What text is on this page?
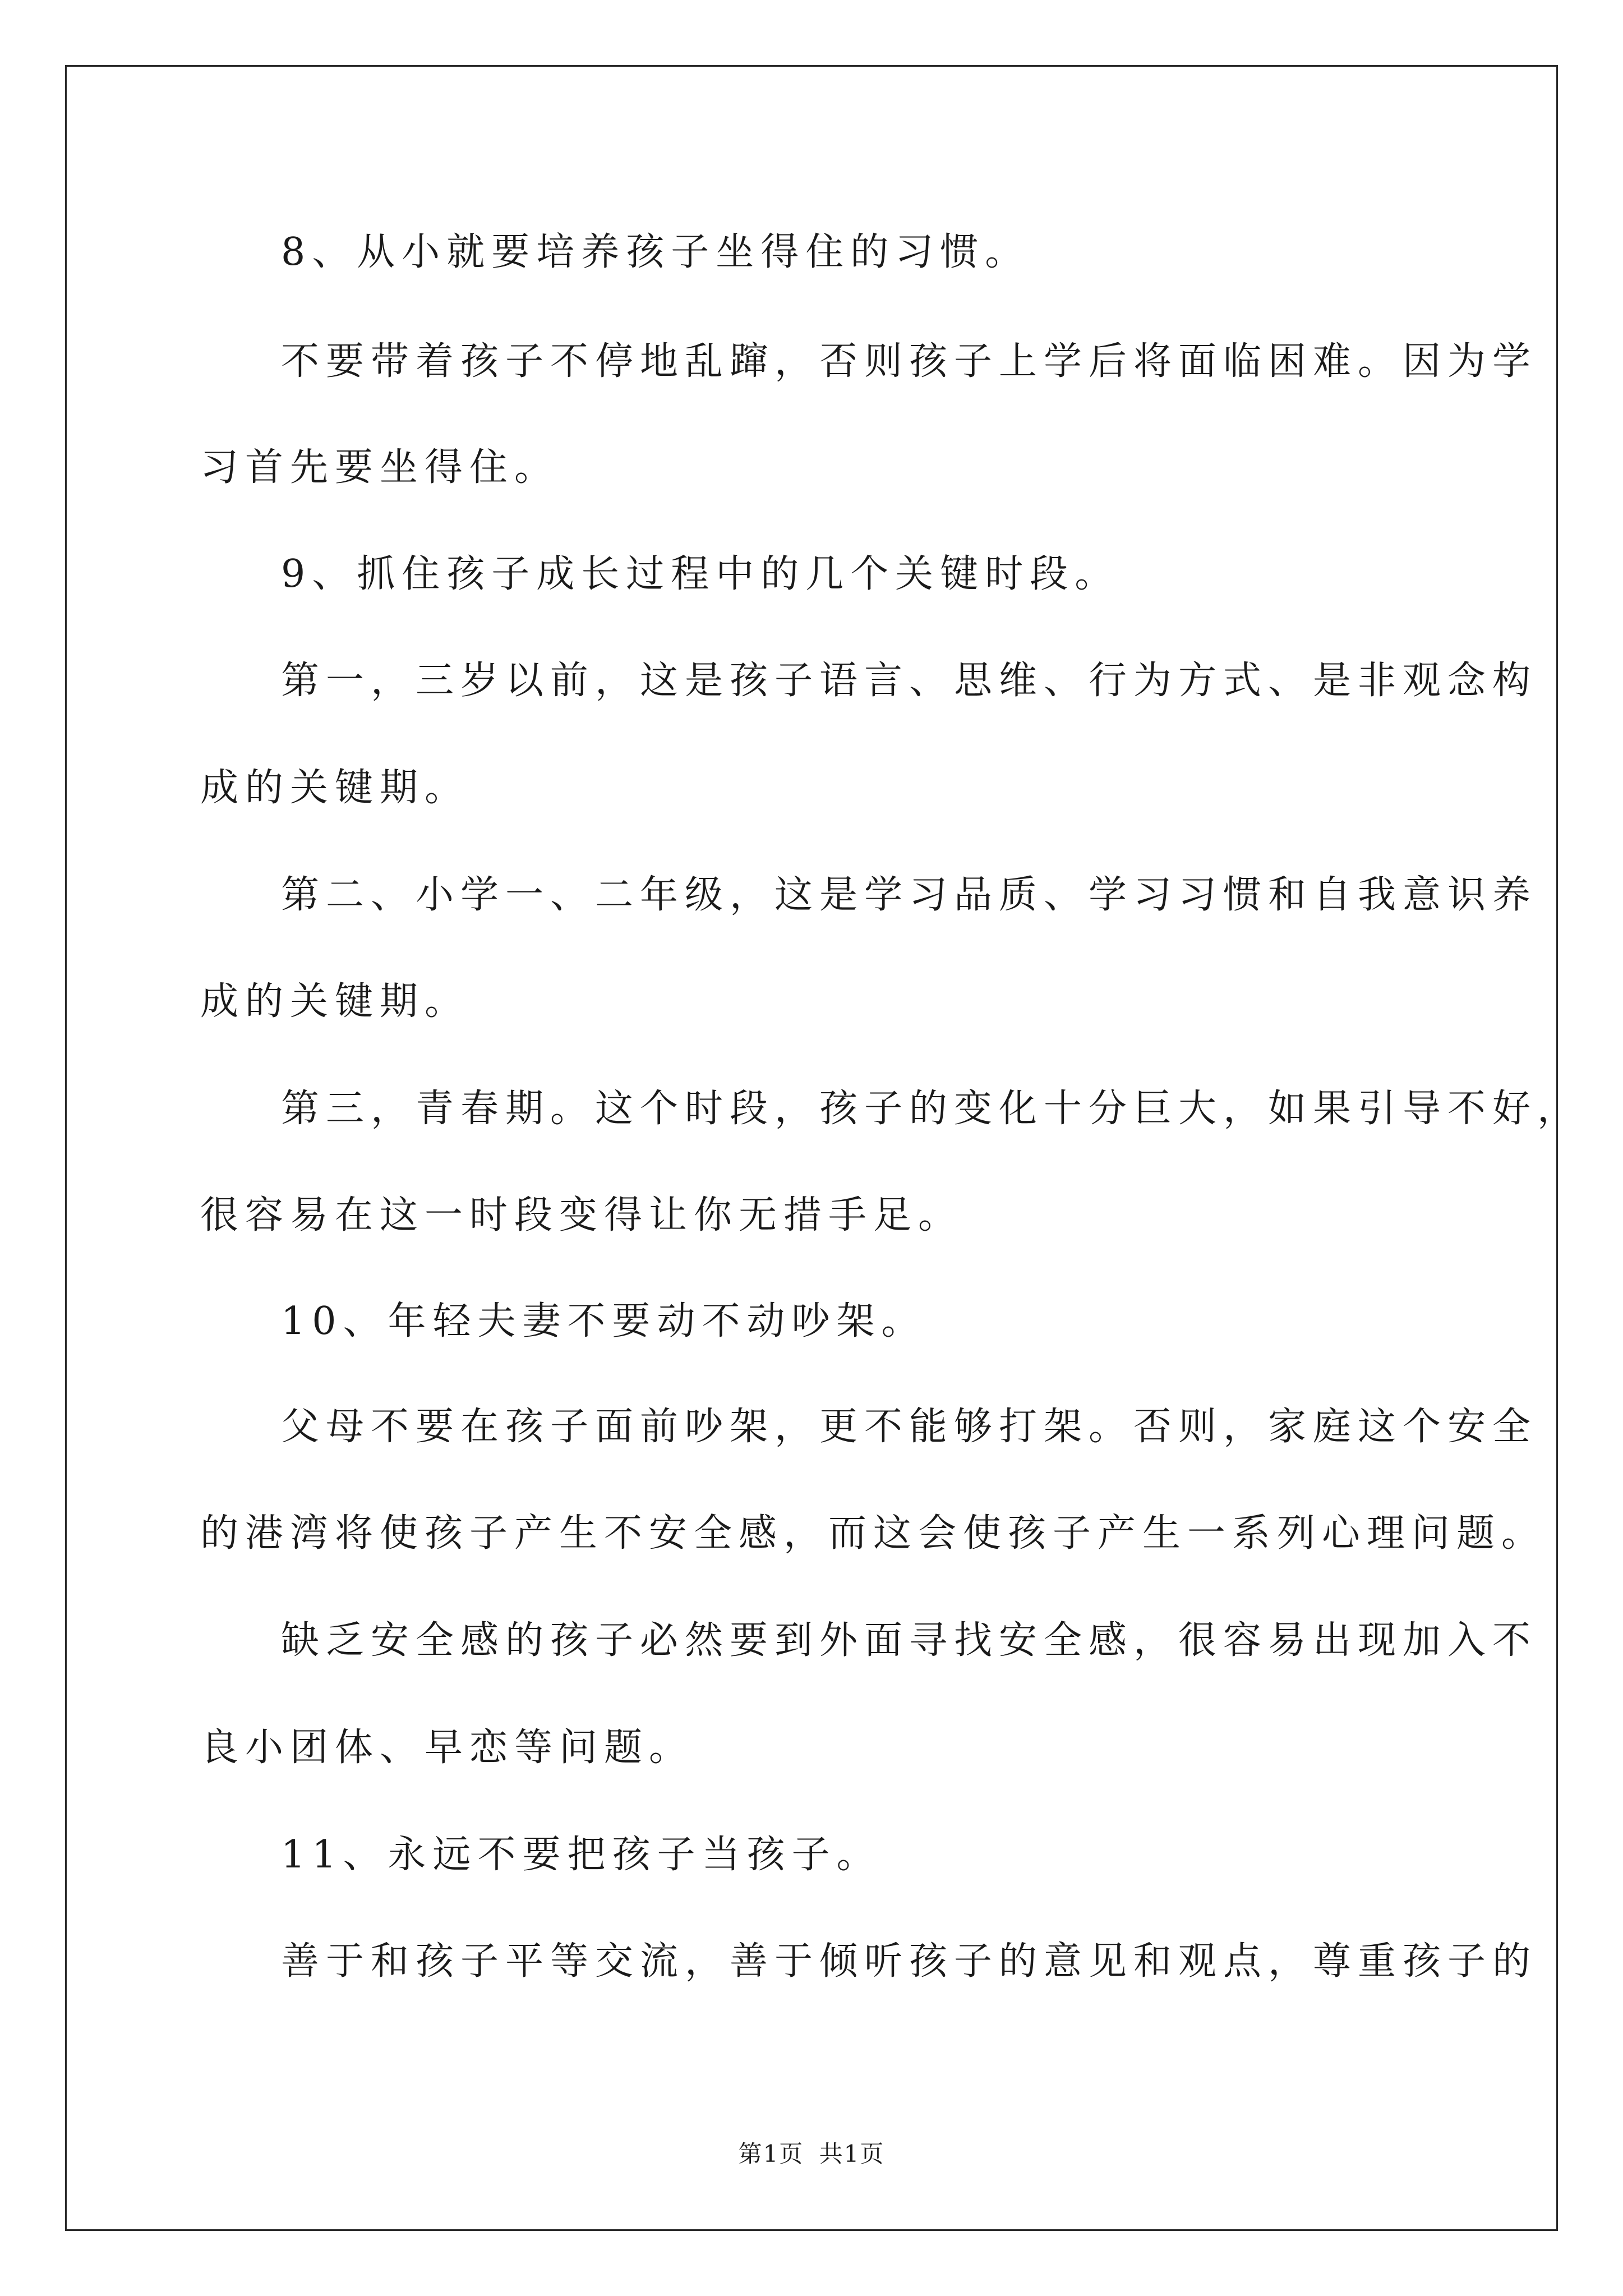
8、从小就要培养孩子坐得住的习惯。
不要带着孩子不停地乱蹿，否则孩子上学后将面临困难。因为学
习首先要坐得住。
9、抓住孩子成长过程中的几个关键时段。
第一，三岁以前，这是孩子语言、思维、行为方式、是非观念构
成的关键期。
第二、小学一、二年级，这是学习品质、学习习惯和自我意识养
成的关键期。
第三，青春期。这个时段，孩子的变化十分巨大，如果引导不好，
很容易在这一时段变得让你无措手足。
10、年轻夫妻不要动不动吵架。
父母不要在孩子面前吵架，更不能够打架。否则，家庭这个安全
的港湾将使孩子产生不安全感，而这会使孩子产生一系列心理问题。
缺乏安全感的孩子必然要到外面寻找安全感，很容易出现加入不
良小团体、早恋等问题。
11、永远不要把孩子当孩子。
善于和孩子平等交流，善于倾听孩子的意见和观点，尊重孩子的
第1页 共1页
